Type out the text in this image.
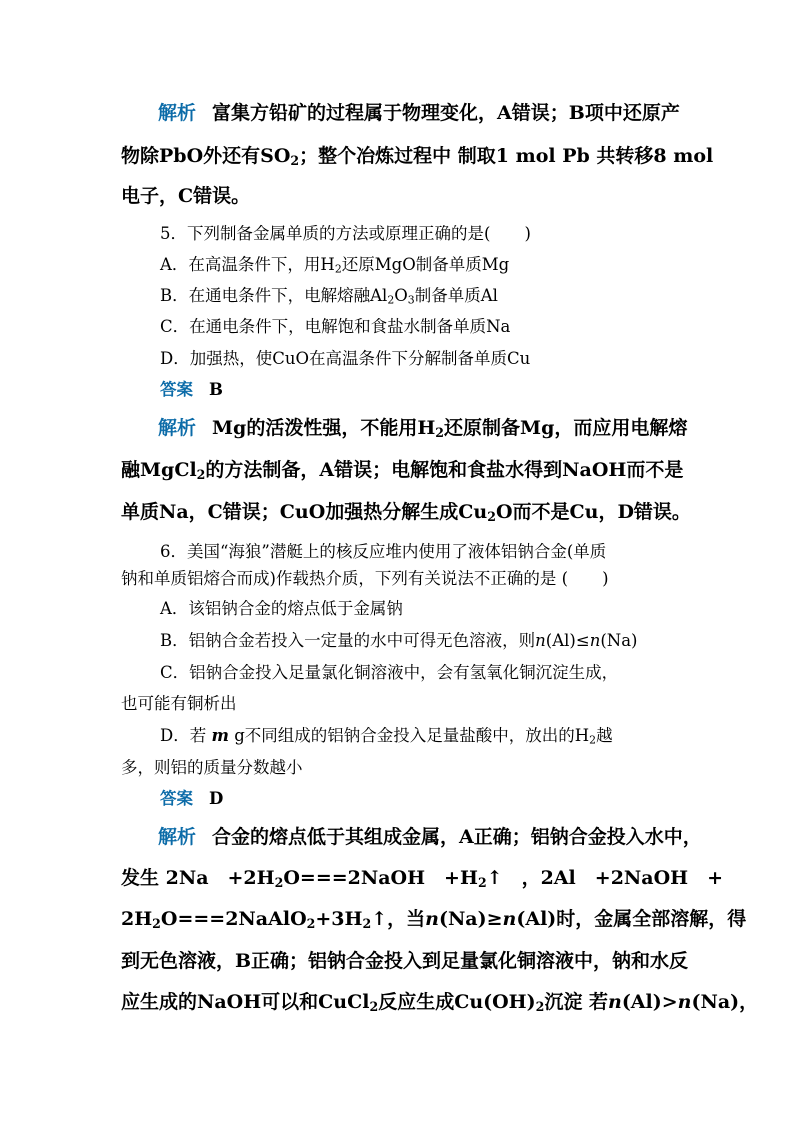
解析 富集方铅矿的过程属于物理变化，A错误；B项中还原产
物除PbO外还有$SO_2$；整个冶炼过程中 制取1 mol Pb 共转移8 mol
电子，C错误。
5．下列制备金属单质的方法或原理正确的是( )
A．在高温条件下，用$H_2$还原MgO制备单质Mg
B．在通电条件下，电解熔融$Al_2O_3$制备单质Al
C．在通电条件下，电解饱和食盐水制备单质Na
D．加强热，使CuO在高温条件下分解制备单质Cu
答案 B
解析 Mg的活泼性强，不能用$H_2$还原制备Mg，而应用电解熔
融MgCl$_2$的方法制备，A错误；电解饱和食盐水得到NaOH而不是
单质Na，C错误；CuO加强热分解生成$Cu_2O$而不是Cu，D错误。
6．美国“海狼”潜艇上的核反应堆内使用了液体铝钠合金(单质
钠和单质铝熔合而成)作载热介质，下列有关说法不正确的是 ( )
A．该铝钠合金的熔点低于金属钠
B．铝钠合金若投入一定量的水中可得无色溶液，则n(Al)≤n(Na)
C．铝钠合金投入足量氯化铜溶液中，会有氢氧化铜沉淀生成，
也可能有铜析出
D．若 m g不同组成的铝钠合金投入足量盐酸中，放出的$H_2$越
多，则铝的质量分数越小
答案 D
解析 合金的熔点低于其组成金属，A正确；铝钠合金投入水中，
发生 2Na　$+2H_2O===2NaOH$　$+H_2↑$　，2Al　+2NaOH　+
$2H_2O===2NaAlO_2+3H_2↑$，当n(Na)≥n(Al)时，金属全部溶解，得
到无色溶液，B正确；铝钠合金投入到足量氯化铜溶液中，钠和水反
应生成的NaOH可以和CuCl$_2$反应生成$Cu(OH)_2$沉淀 若n(Al)>n(Na)，
